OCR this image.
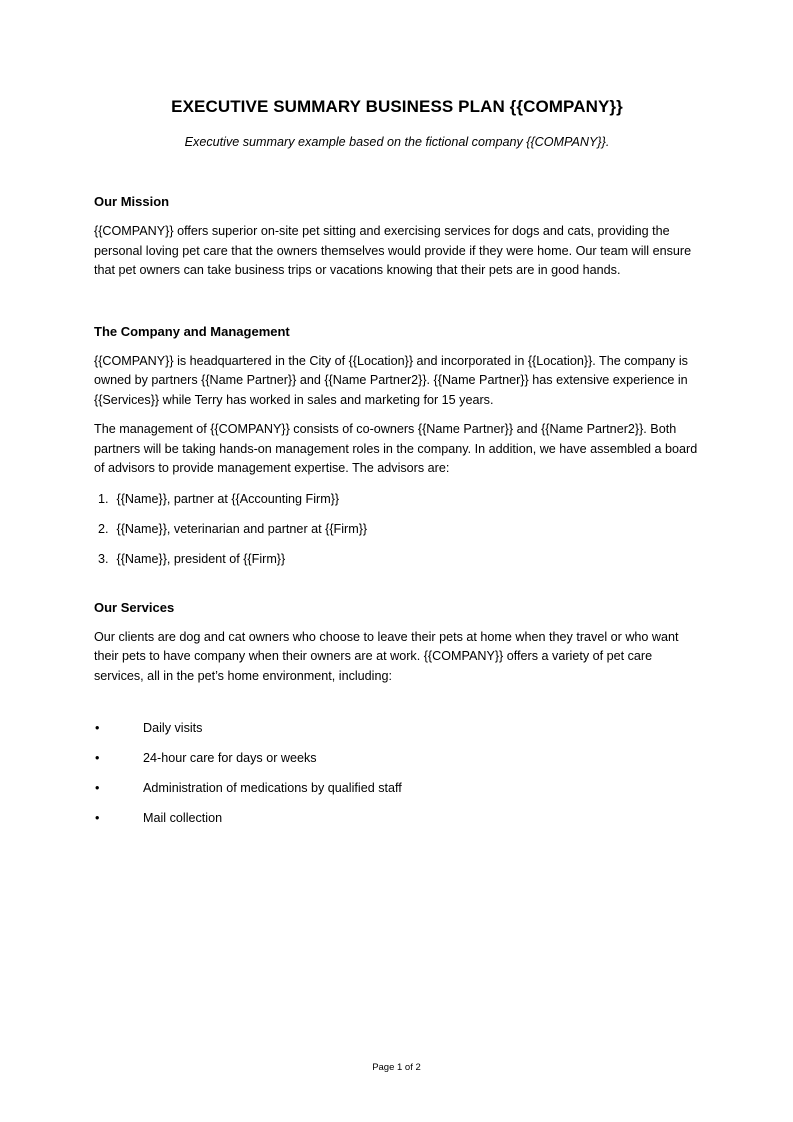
EXECUTIVE SUMMARY BUSINESS PLAN {{COMPANY}}

Executive summary example based on the fictional company {{COMPANY}}.

Our Mission

{{COMPANY}} offers superior on-site pet sitting and exercising services for dogs and cats, providing the personal loving pet care that the owners themselves would provide if they were home. Our team will ensure that pet owners can take business trips or vacations knowing that their pets are in good hands.

The Company and Management

{{COMPANY}} is headquartered in the City of {{Location}} and incorporated in {{Location}}. The company is owned by partners {{Name Partner}} and {{Name Partner2}}. {{Name Partner}} has extensive experience in {{Services}} while Terry has worked in sales and marketing for 15 years.

The management of {{COMPANY}} consists of co-owners {{Name Partner}} and {{Name Partner2}}. Both partners will be taking hands-on management roles in the company. In addition, we have assembled a board of advisors to provide management expertise. The advisors are:

1. {{Name}}, partner at {{Accounting Firm}}
2. {{Name}}, veterinarian and partner at {{Firm}}
3. {{Name}}, president of {{Firm}}
Our Services

Our clients are dog and cat owners who choose to leave their pets at home when they travel or who want their pets to have company when their owners are at work. {{COMPANY}} offers a variety of pet care services, all in the pet’s home environment, including:

•	Daily visits
•	24-hour care for days or weeks
•	Administration of medications by qualified staff
•	Mail collection
Page 1 of 2
